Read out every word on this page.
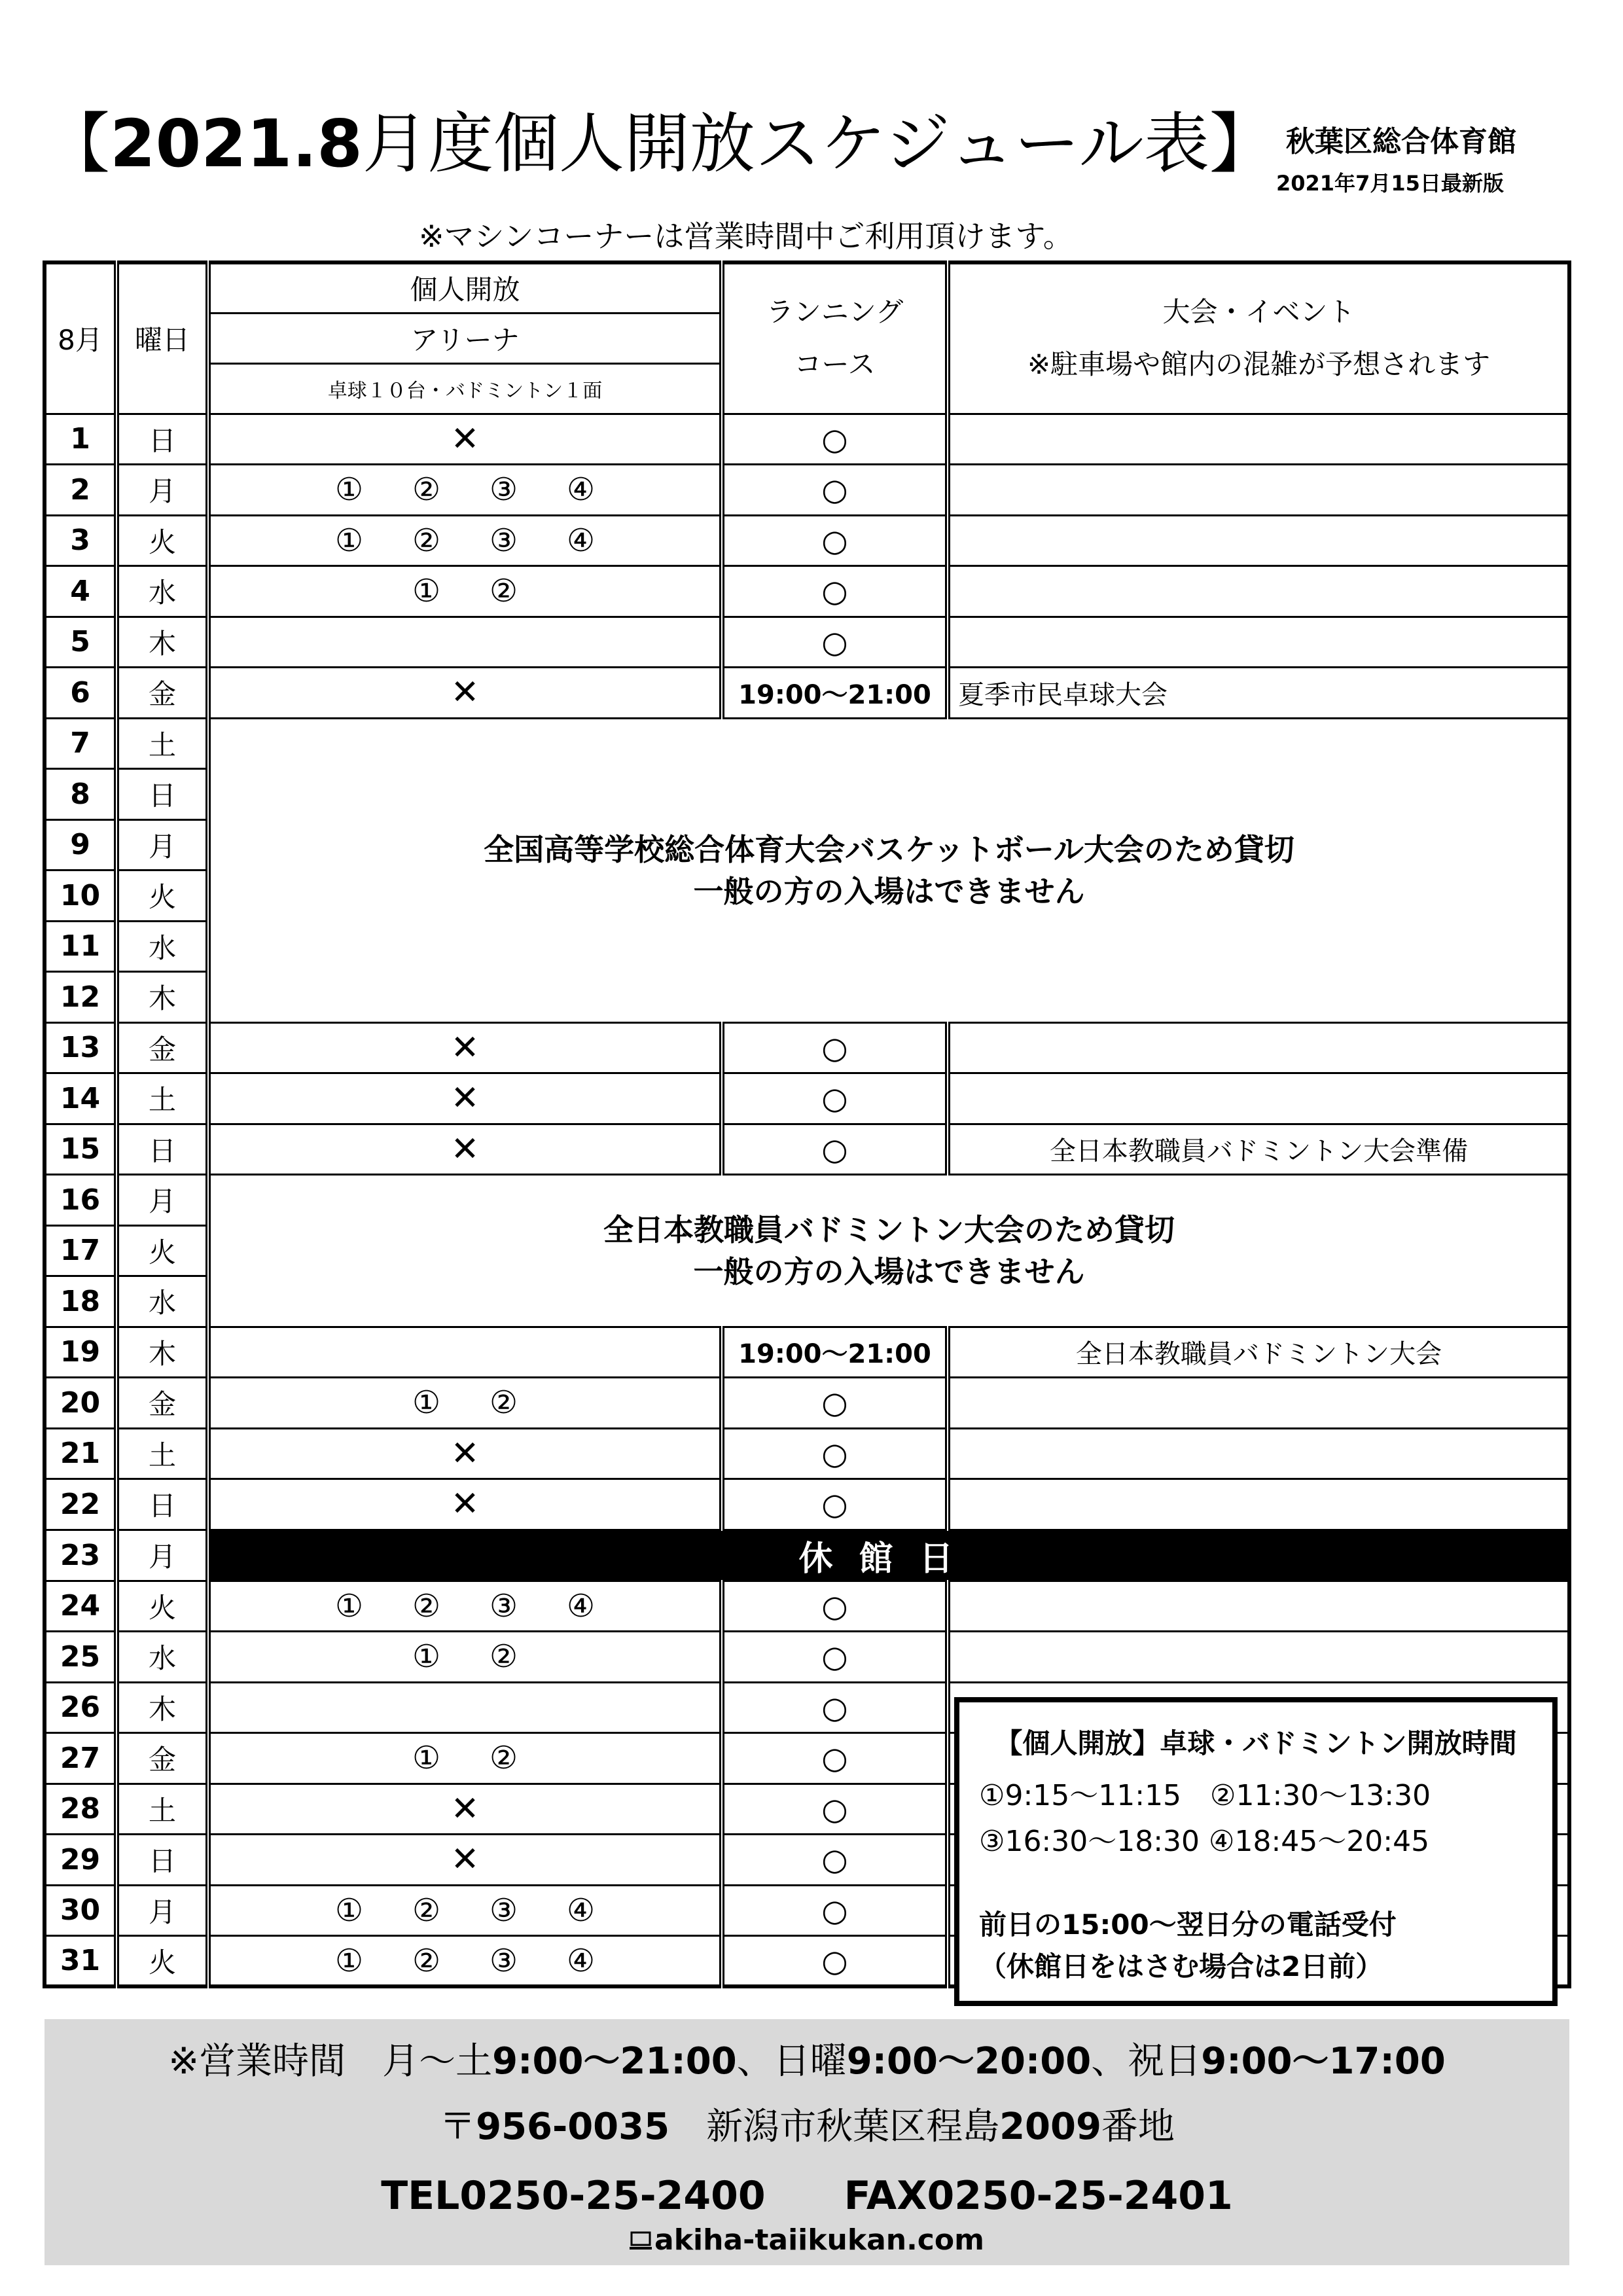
【2021.8月度個人開放スケジュール表】 秋葉区総合体育館
2021年7月15日最新版
※マシンコーナーは営業時間中ご利用頂けます。
8月	曜日	個人開放	ランニング
コース	大会・イベント
※駐車場や館内の混雑が予想されます
		アリーナ		
		卓球１０台・バドミントン１面		
1	日	✕	○	
2	月	① ② ③ ④	○	
3	火	① ② ③ ④	○	
4	水	① ②	○	
5	木		○	
6	金	✕	19:00～21:00	夏季市民卓球大会
7	土	全国高等学校総合体育大会バスケットボール大会のため貸切
一般の方の入場はできません		
8	日			
9	月			
10	火			
11	水			
12	木			
13	金	✕	○	
14	土	✕	○	
15	日	✕	○	全日本教職員バドミントン大会準備
16	月	全日本教職員バドミントン大会のため貸切
一般の方の入場はできません		
17	火			
18	水			
19	木		19:00～21:00	全日本教職員バドミントン大会
20	金	① ②	○	
21	土	✕	○	
22	日	✕	○	
23	月	休館日		
24	火	① ② ③ ④	○	
25	水	① ②	○	
26	木		○	
27	金	① ②	○	
28	土	✕	○	
29	日	✕	○	
30	月	① ② ③ ④	○	
31	火	① ② ③ ④	○	
【個人開放】卓球・バドミントン開放時間
①9:15～11:15　②11:30～13:30
③16:30～18:30 ④18:45～20:45
前日の15:00～翌日分の電話受付
（休館日をはさむ場合は2日前）
※営業時間　月～土9:00～21:00、日曜9:00～20:00、祝日9:00～17:00
〒956-0035　 新潟市秋葉区程島2009番地
TEL0250-25-2400　　 FAX0250-25-2401
akiha-taiikukan.com
